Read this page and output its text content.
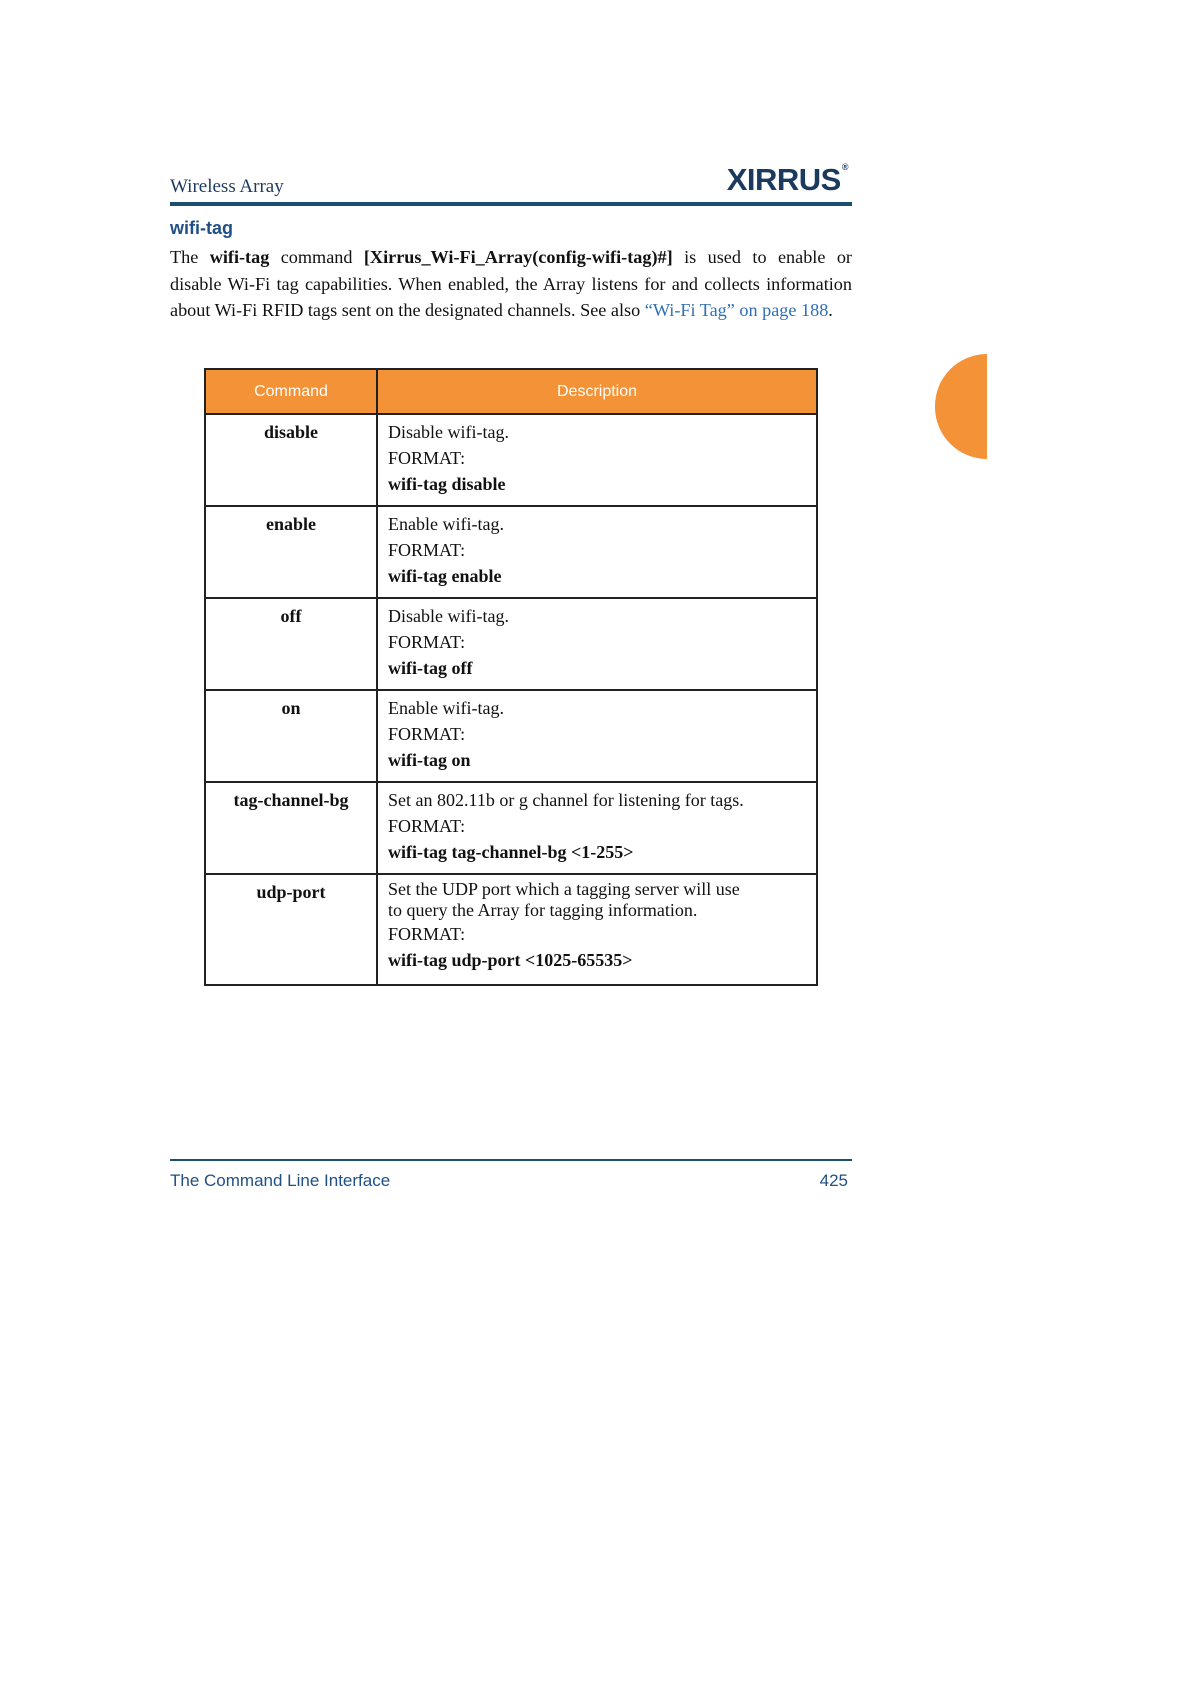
Wireless Array	XIRRUS®
wifi-tag

The wifi-tag command [Xirrus_Wi-Fi_Array(config-wifi-tag)#] is used to enable or disable Wi-Fi tag capabilities. When enabled, the Array listens for and collects information about Wi-Fi RFID tags sent on the designated channels. See also “Wi-Fi Tag” on page 188.

Command	Description
disable	Disable wifi-tag.
FORMAT:
wifi-tag disable

enable	Enable wifi-tag.
FORMAT:
wifi-tag enable

off	Disable wifi-tag.
FORMAT:
wifi-tag off

on	Enable wifi-tag.
FORMAT:
wifi-tag on

tag-channel-bg	Set an 802.11b or g channel for listening for tags.
FORMAT:
wifi-tag tag-channel-bg <1-255>

udp-port	Set the UDP port which a tagging server will use
to query the Array for tagging information.
FORMAT:
wifi-tag udp-port <1025-65535>
The Command Line Interface	425
